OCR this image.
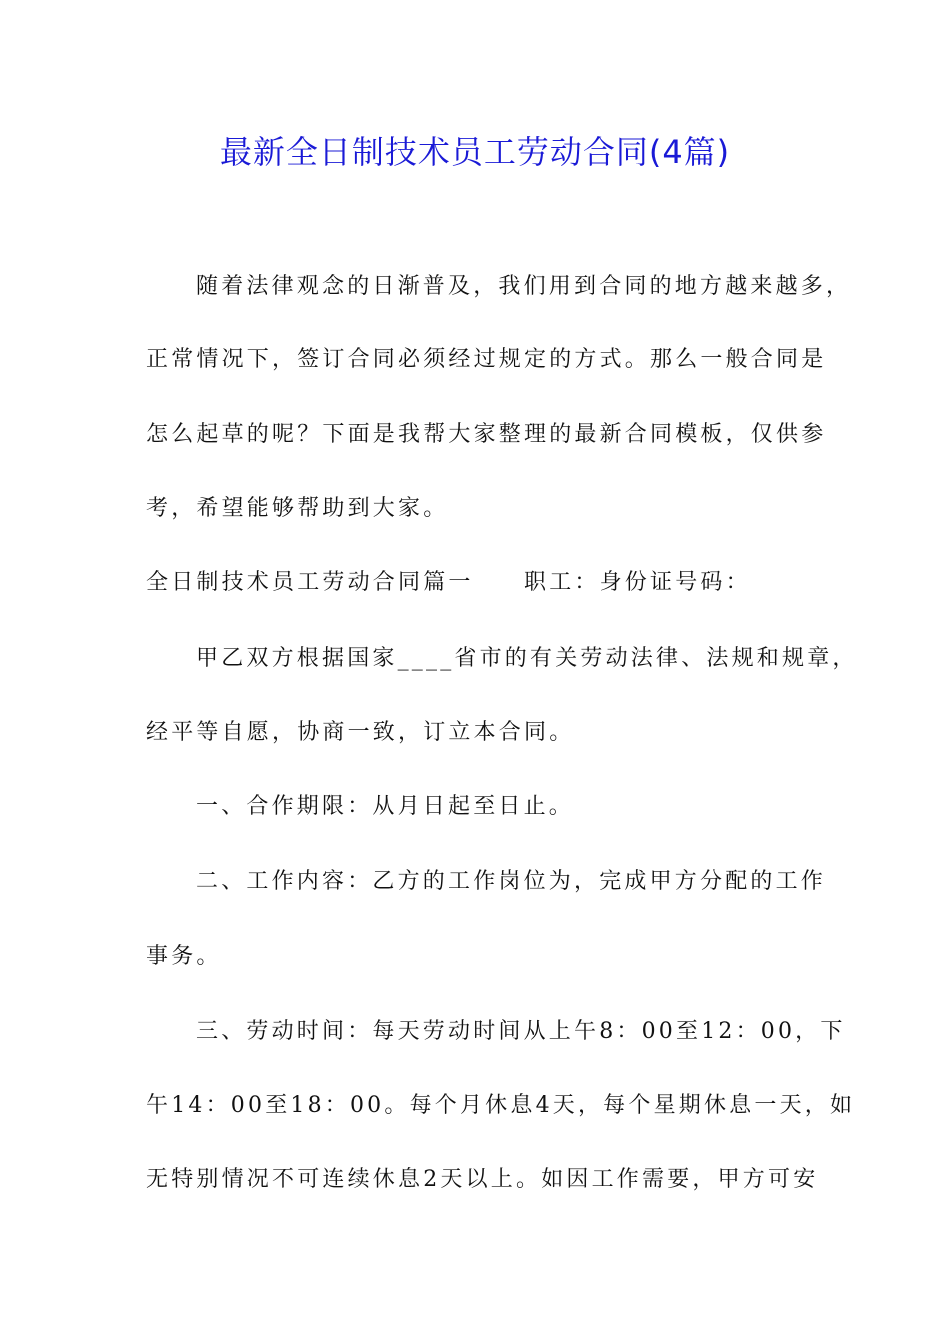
最新全日制技术员工劳动合同(4篇)
随着法律观念的日渐普及，我们用到合同的地方越来越多，
正常情况下，签订合同必须经过规定的方式。那么一般合同是
怎么起草的呢？下面是我帮大家整理的最新合同模板，仅供参
考，希望能够帮助到大家。
全日制技术员工劳动合同篇一　　职工：身份证号码：
甲乙双方根据国家____省市的有关劳动法律、法规和规章，
经平等自愿，协商一致，订立本合同。
一、合作期限：从月日起至日止。
二、工作内容：乙方的工作岗位为，完成甲方分配的工作
事务。
三、劳动时间：每天劳动时间从上午8：00至12：00，下
午14：00至18：00。每个月休息4天，每个星期休息一天，如
无特别情况不可连续休息2天以上。如因工作需要，甲方可安
